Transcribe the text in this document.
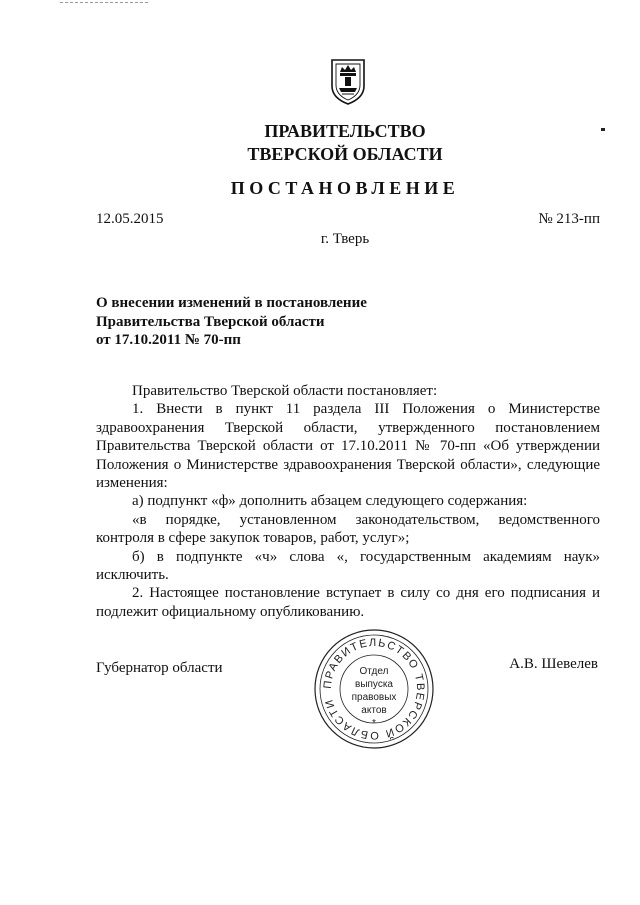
ПРАВИТЕЛЬСТВО
ТВЕРСКОЙ ОБЛАСТИ
ПОСТАНОВЛЕНИЕ
12.05.2015	№ 213-пп
г. Тверь
О внесении изменений в постановление
Правительства Тверской области
от 17.10.2011 № 70-пп

Правительство Тверской области постановляет:

1. Внести в пункт 11 раздела III Положения о Министерстве здравоохранения Тверской области, утвержденного постановлением Правительства Тверской области от 17.10.2011 № 70-пп «Об утверждении Положения о Министерстве здравоохранения Тверской области», следующие изменения:

а) подпункт «ф» дополнить абзацем следующего содержания:

«в порядке, установленном законодательством, ведомственного контроля в сфере закупок товаров, работ, услуг»;

б) в подпункте «ч» слова «, государственным академиям наук» исключить.

2. Настоящее постановление вступает в силу со дня его подписания и подлежит официальному опубликованию.

Губернатор области	А.В. Шевелев
ПРАВИТЕЛЬСТВО ТВЕРСКОЙ ОБЛАСТИ
Отдел
выпуска
правовых
актов
*
